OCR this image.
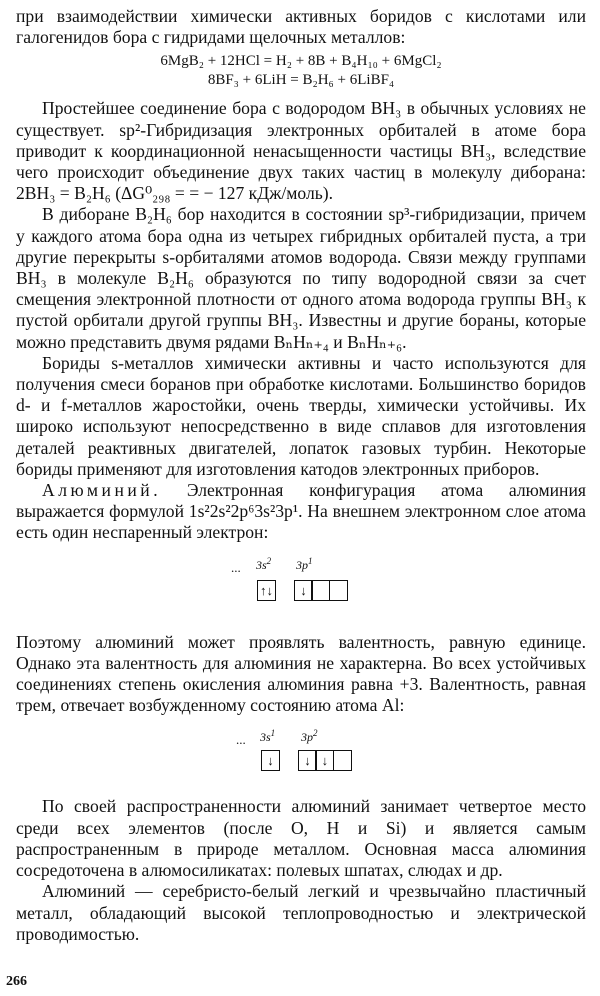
при взаимодействии химически активных боридов с кислотами или галогенидов бора с гидридами щелочных металлов:

6MgB₂ + 12HCl = H₂ + 8B + B₄H₁₀ + 6MgCl₂
8BF₃ + 6LiH = B₂H₆ + 6LiBF₄

Простейшее соединение бора с водородом BH₃ в обычных условиях не существует. sp²-Гибридизация электронных орбиталей в атоме бора приводит к координационной ненасыщенности частицы BH₃, вследствие чего происходит объединение двух таких частиц в молекулу диборана: 2BH₃ = B₂H₆ (ΔG⁰₂₉₈ = = − 127 кДж/моль).

В диборане B₂H₆ бор находится в состоянии sp³-гибридизации, причем у каждого атома бора одна из четырех гибридных орбиталей пуста, а три другие перекрыты s-орбиталями атомов водорода. Связи между группами BH₃ в молекуле B₂H₆ образуются по типу водородной связи за счет смещения электронной плотности от одного атома водорода группы BH₃ к пустой орбитали другой группы BH₃. Известны и другие бораны, которые можно представить двумя рядами BₙHₙ₊₄ и BₙHₙ₊₆.

Бориды s-металлов химически активны и часто используются для получения смеси боранов при обработке кислотами. Большинство боридов d- и f-металлов жаростойки, очень тверды, химически устойчивы. Их широко используют непосредственно в виде сплавов для изготовления деталей реактивных двигателей, лопаток газовых турбин. Некоторые бориды применяют для изготовления катодов электронных приборов.

Алюминий. Электронная конфигурация атома алюминия выражается формулой 1s²2s²2p⁶3s²3p¹. На внешнем электронном слое атома есть один неспаренный электрон:

... $3s^2$ $3p^1$
↑↓	↓

Поэтому алюминий может проявлять валентность, равную единице. Однако эта валентность для алюминия не характерна. Во всех устойчивых соединениях степень окисления алюминия равна +3. Валентность, равная трем, отвечает возбужденному состоянию атома Al:

... $3s^1$ $3p^2$
↓	↓ ↓

По своей распространенности алюминий занимает четвертое место среди всех элементов (после O, H и Si) и является самым распространенным в природе металлом. Основная масса алюминия сосредоточена в алюмосиликатах: полевых шпатах, слюдах и др.

Алюминий — серебристо-белый легкий и чрезвычайно пластичный металл, обладающий высокой теплопроводностью и электрической проводимостью.

266
